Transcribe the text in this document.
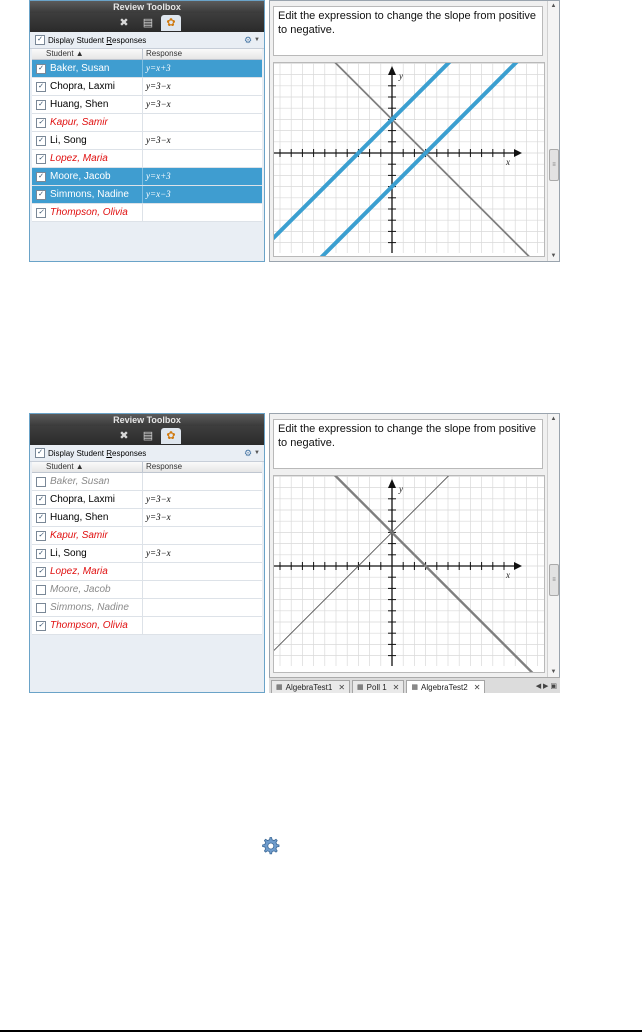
Review Toolbox
✖	▤	✿
✓ Display Student Responses	⚙ ▼
Student ▲	Response
✓ Baker, Susan	y=x+3
✓ Chopra, Laxmi	y=3−x
✓ Huang, Shen	y=3−x
✓ Kapur, Samir
✓ Li, Song	y=3−x
✓ Lopez, Maria
✓ Moore, Jacob	y=x+3
✓ Simmons, Nadine	y=x−3
✓ Thompson, Olivia
Edit the expression to change the slope from positive to negative.
x
y
▲
≡
▼
Review Toolbox
✖	▤	✿
✓ Display Student Responses	⚙ ▼
Student ▲	Response
Baker, Susan
✓ Chopra, Laxmi	y=3−x
✓ Huang, Shen	y=3−x
✓ Kapur, Samir
✓ Li, Song	y=3−x
✓ Lopez, Maria
Moore, Jacob
Simmons, Nadine
✓ Thompson, Olivia
Edit the expression to change the slope from positive to negative.
x
y
▲
≡
▼
▦ AlgebraTest1 ✕ ▦ Poll 1 ✕ ▦ AlgebraTest2 ✕	◀ ▶ ▣
